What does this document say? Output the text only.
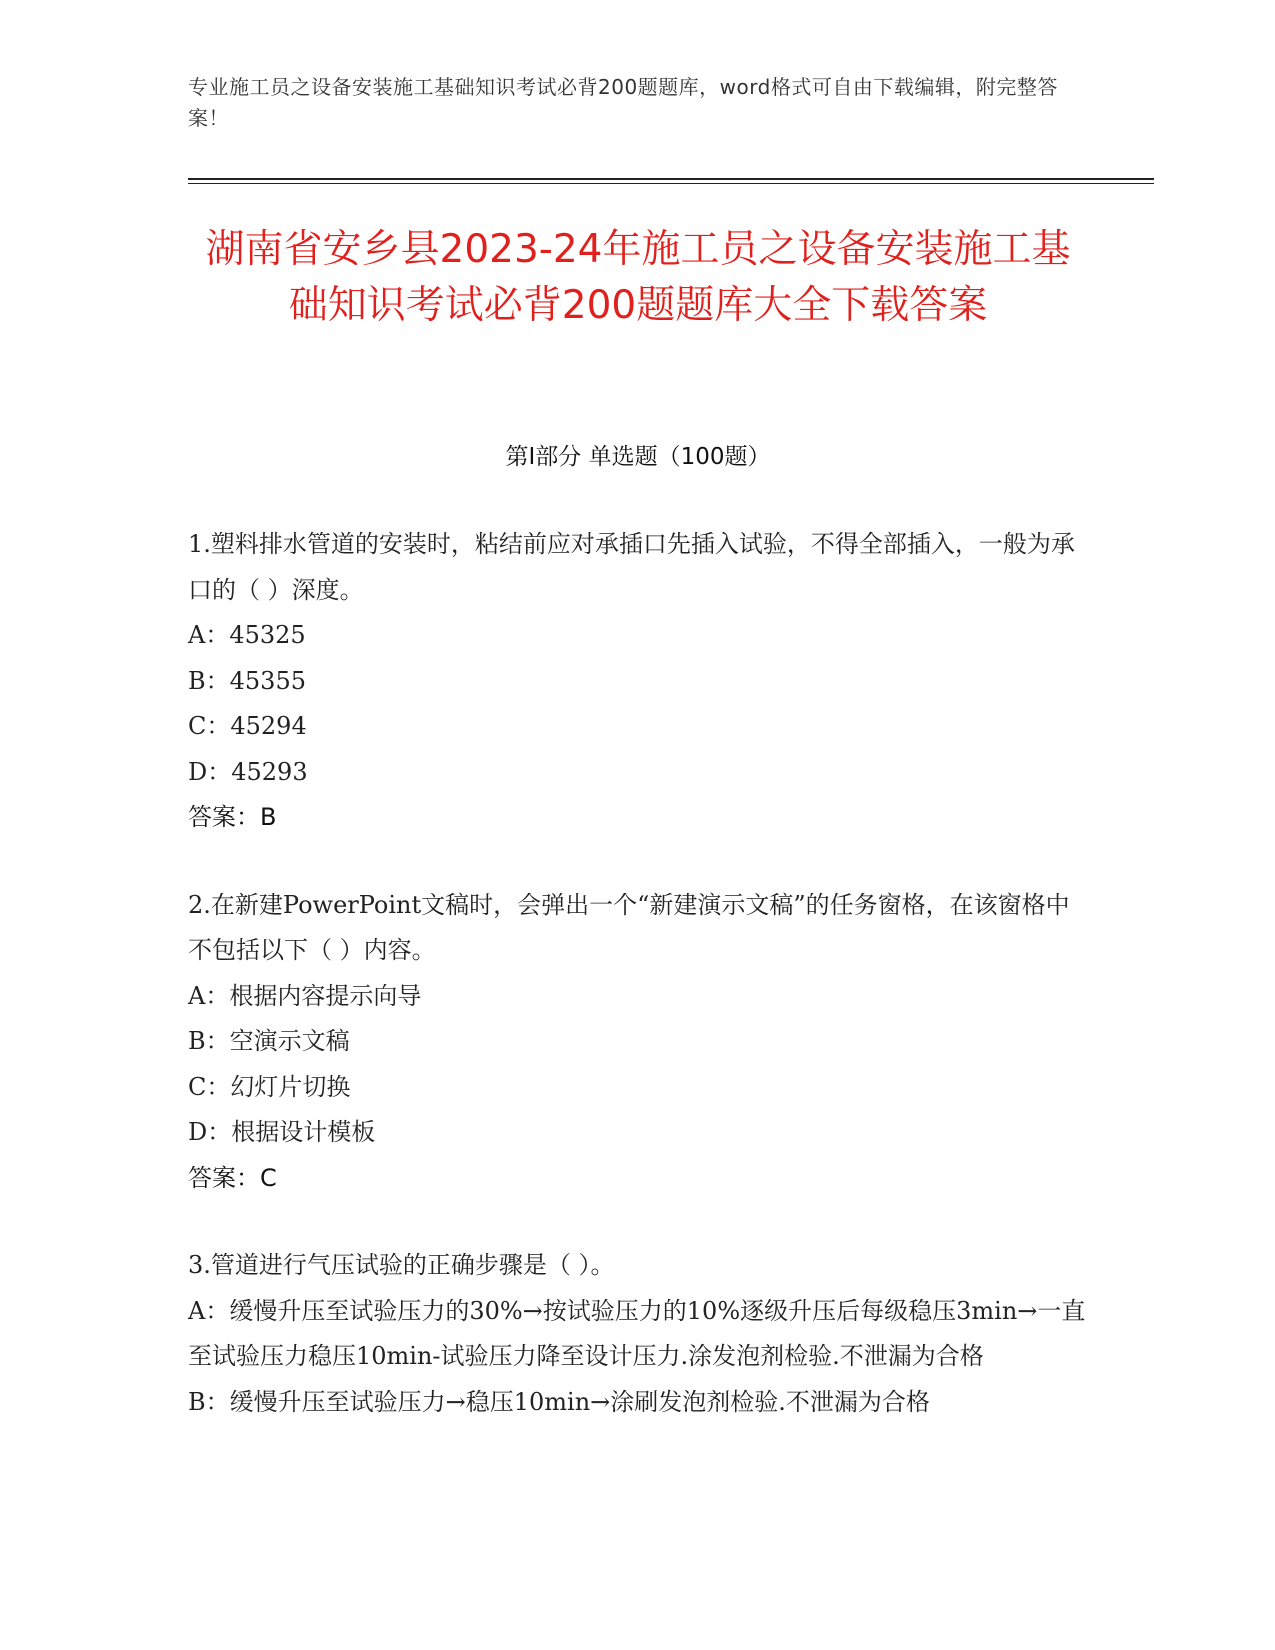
专业施工员之设备安装施工基础知识考试必背200题题库，word格式可自由下载编辑，附完整答案！
湖南省安乡县2023-24年施工员之设备安装施工基础知识考试必背200题题库大全下载答案
第I部分 单选题（100题）

1.塑料排水管道的安装时，粘结前应对承插口先插入试验，不得全部插入，一般为承口的（ ）深度。

A：45325

B：45355

C：45294

D：45293

答案：B

2.在新建PowerPoint文稿时，会弹出一个“新建演示文稿”的任务窗格，在该窗格中不包括以下（ ）内容。

A：根据内容提示向导

B：空演示文稿

C：幻灯片切换

D：根据设计模板

答案：C

3.管道进行气压试验的正确步骤是（ ）。

A：缓慢升压至试验压力的30%→按试验压力的10%逐级升压后每级稳压3min→一直至试验压力稳压10min-试验压力降至设计压力.涂发泡剂检验.不泄漏为合格

B：缓慢升压至试验压力→稳压10min→涂刷发泡剂检验.不泄漏为合格
